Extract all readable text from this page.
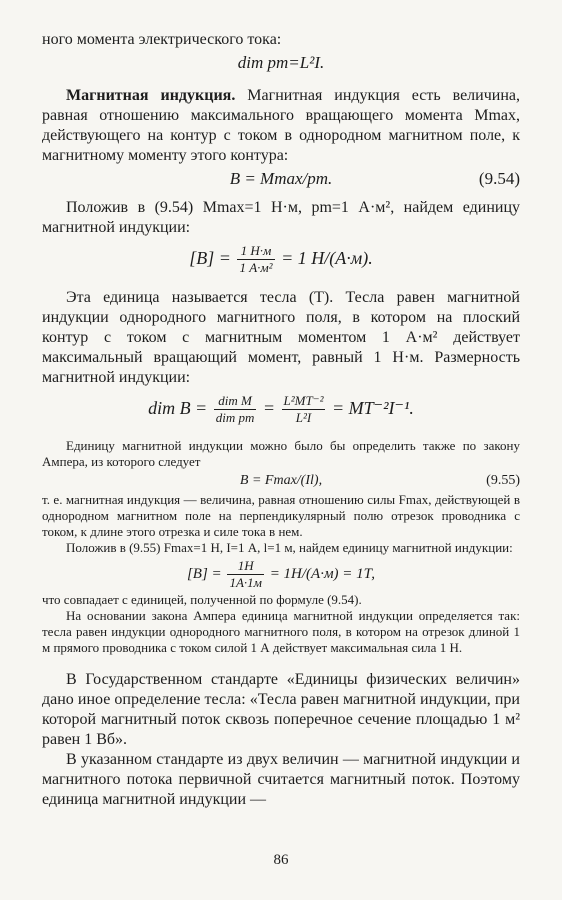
ного момента электрического тока:

dim pm=L²I.

Магнитная индукция. Магнитная индукция есть величина, равная отношению максимального вращающего момента Mmax, действующего на контур с током в однородном магнитном поле, к магнитному моменту этого контура:

B = Mmax/pm.	(9.54)

Положив в (9.54) Mmax=1 Н·м, pm=1 А·м², найдем единицу магнитной индукции:

$[B] = \frac{1 Н\cdot м}{\text{1 А·м²}} = 1$ Н/(А·м).

Эта единица называется тесла (Т). Тесла равен магнитной индукции однородного магнитного поля, в котором на плоский контур с током с магнитным моментом 1 А·м² действует максимальный вращающий момент, равный 1 Н·м. Размерность магнитной индукции:

dim $B = \frac{\text{dim M}}{\text{dim pm}} = \frac{\text{L²MT⁻²}}{\text{L²I}} = MT^{-2}I^{-1}$.

Единицу магнитной индукции можно было бы определить также по закону Ампера, из которого следует

B = Fmax/(Il),	(9.55)

т. е. магнитная индукция — величина, равная отношению силы Fmax, действующей в однородном магнитном поле на перпендикулярный полю отрезок проводника с током, к длине этого отрезка и силе тока в нем.

Положив в (9.55) Fmax=1 Н, I=1 А, l=1 м, найдем единицу магнитной индукции:

$[B] = \frac{1Н}{1А\cdot 1м} = 1Н/(А\cdot м) = 1Т$,

что совпадает с единицей, полученной по формуле (9.54).

На основании закона Ампера единица магнитной индукции определяется так: тесла равен индукции однородного магнитного поля, в котором на отрезок длиной 1 м прямого проводника с током силой 1 А действует максимальная сила 1 Н.

В Государственном стандарте «Единицы физических величин» дано иное определение тесла: «Тесла равен магнитной индукции, при которой магнитный поток сквозь поперечное сечение площадью 1 м² равен 1 Вб».

В указанном стандарте из двух величин — магнитной индукции и магнитного потока первичной считается магнитный поток. Поэтому единица магнитной индукции —

86
